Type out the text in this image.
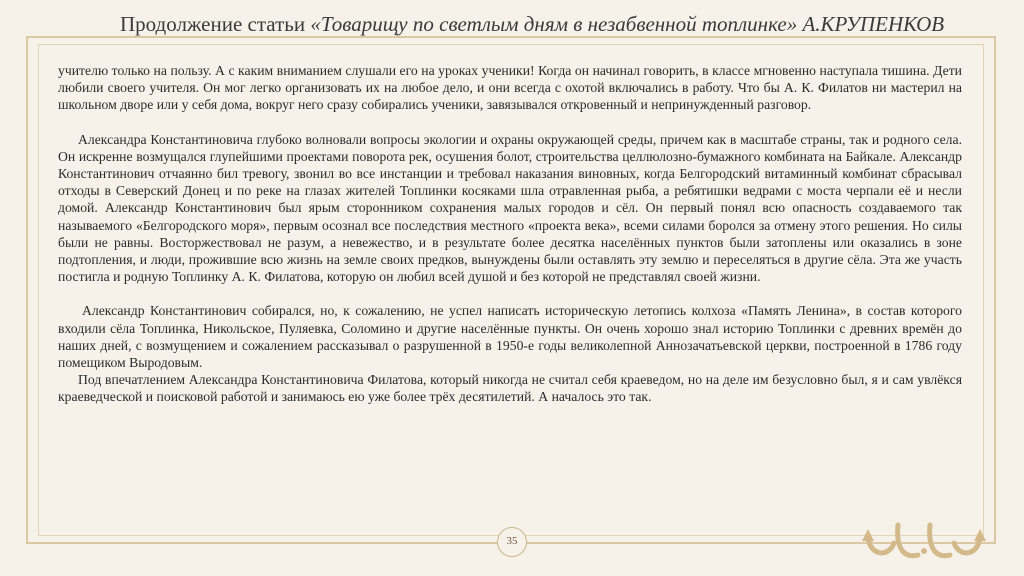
Продолжение статьи «Товарищу по светлым дням в незабвенной топлинке» А.КРУПЕНКОВ

учителю только на пользу. А с каким вниманием слушали его на уроках ученики! Когда он начинал говорить, в классе мгновенно наступала тишина. Дети любили своего учителя. Он мог легко организовать их на любое дело, и они всегда с охотой включались в работу. Что бы А. К. Филатов ни мастерил на школьном дворе или у себя дома, вокруг него сразу собирались ученики, завязывался откровенный и непринужденный разговор.

Александра Константиновича глубоко волновали вопросы экологии и охраны окружающей среды, причем как в масштабе страны, так и родного села. Он искренне возмущался глупейшими проектами поворота рек, осушения болот, строительства целлюлозно-бумажного комбината на Байкале. Александр Константинович отчаянно бил тревогу, звонил во все инстанции и требовал наказания виновных, когда Белгородский витаминный комбинат сбрасывал отходы в Северский Донец и по реке на глазах жителей Топлинки косяками шла отравленная рыба, а ребятишки ведрами с моста черпали её и несли домой. Александр Константинович был ярым сторонником сохранения малых городов и сёл. Он первый понял всю опасность создаваемого так называемого «Белгородского моря», первым осознал все последствия местного «проекта века», всеми силами боролся за отмену этого решения. Но силы были не равны. Восторжествовал не разум, а невежество, и в результате более десятка населённых пунктов были затоплены или оказались в зоне подтопления, и люди, прожившие всю жизнь на земле своих предков, вынуждены были оставлять эту землю и переселяться в другие сёла. Эта же участь постигла и родную Топлинку А. К. Филатова, которую он любил всей душой и без которой не представлял своей жизни.

Александр Константинович собирался, но, к сожалению, не успел написать историческую летопись колхоза «Память Ленина», в состав которого входили сёла Топлинка, Никольское, Пуляевка, Соломино и другие населённые пункты. Он очень хорошо знал историю Топлинки с древних времён до наших дней, с возмущением и сожалением рассказывал о разрушенной в 1950-е годы великолепной Аннозачатьевской церкви, построенной в 1786 году помещиком Выродовым.

Под впечатлением Александра Константиновича Филатова, который никогда не считал себя краеведом, но на деле им безусловно был, я и сам увлёкся краеведческой и поисковой работой и занимаюсь ею уже более трёх десятилетий. А началось это так.

35
